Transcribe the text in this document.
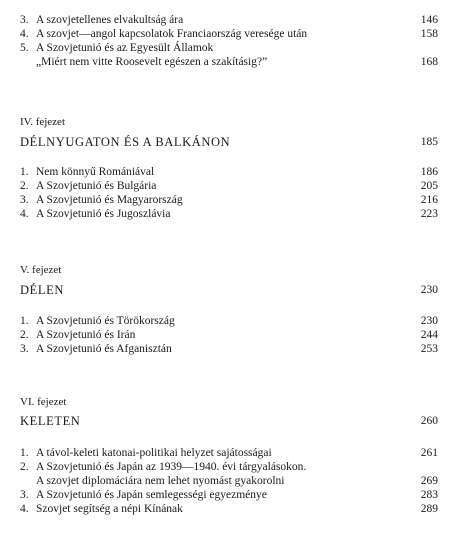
3. A szovjetellenes elvakultság ára	146
4. A szovjet—angol kapcsolatok Franciaország veresége után	158
5. A Szovjetunió és az Egyesült Államok
„Miért nem vitte Roosevelt egészen a szakításig?”	168
IV. fejezet
DÉLNYUGATON ÉS A BALKÁNON	185
1. Nem könnyű Romániával	186
2. A Szovjetunió és Bulgária	205
3. A Szovjetunió és Magyarország	216
4. A Szovjetunió és Jugoszlávia	223
V. fejezet
DÉLEN	230
1. A Szovjetunió és Törökország	230
2. A Szovjetunió és Irán	244
3. A Szovjetunió és Afganisztán	253
VI. fejezet
KELETEN	260
1. A távol-keleti katonai-politikai helyzet sajátosságai	261
2. A Szovjetunió és Japán az 1939—1940. évi tárgyalásokon.
A szovjet diplomáciára nem lehet nyomást gyakorolni	269
3. A Szovjetunió és Japán semlegességi egyezménye	283
4. Szovjet segítség a népi Kínának	289
